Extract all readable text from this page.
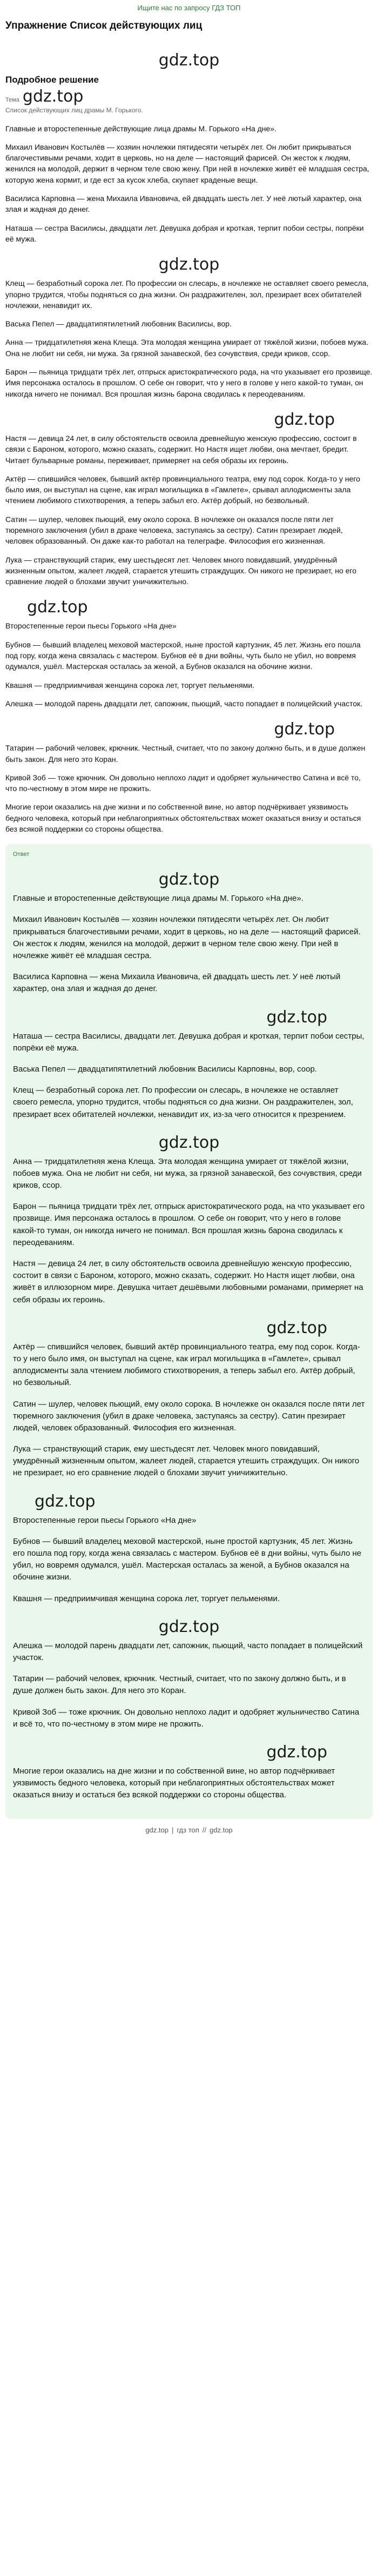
Ищите нас по запросу ГДЗ ТОП
Упражнение Список действующих лиц
gdz.top
Подробное решение
Тема gdz.top
Список действующих лиц драмы М. Горького.
Главные и второстепенные действующие лица драмы М. Горького «На дне».
Михаил Иванович Костылёв — хозяин ночлежки пятидесяти четырёх лет. Он любит прикрываться благочестивыми речами, ходит в церковь, но на деле — настоящий фарисей. Он жесток к людям, женился на молодой, держит в черном теле свою жену. При ней в ночлежке живёт её младшая сестра, которую жена кормит, и где ест за кусок хлеба, скупает краденые вещи.
Василиса Карповна — жена Михаила Ивановича, ей двадцать шесть лет. У неё лютый характер, она злая и жадная до денег.
Наташа — сестра Василисы, двадцати лет. Девушка добрая и кроткая, терпит побои сестры, попрёки её мужа.
gdz.top
Клещ — безработный сорока лет. По профессии он слесарь, в ночлежке не оставляет своего ремесла, упорно трудится, чтобы подняться со дна жизни. Он раздражителен, зол, презирает всех обитателей ночлежки, ненавидит их.
Васька Пепел — двадцатипятилетний любовник Василисы, вор.
Анна — тридцатилетняя жена Клеща. Эта молодая женщина умирает от тяжёлой жизни, побоев мужа. Она не любит ни себя, ни мужа. За грязной занавеской, без сочувствия, среди криков, ссор.
Барон — пьяница тридцати трёх лет, отпрыск аристократического рода, на что указывает его прозвище. Имя персонажа осталось в прошлом. О себе он говорит, что у него в голове у него какой-то туман, он никогда ничего не понимал. Вся прошлая жизнь барона сводилась к переодеваниям.
gdz.top
Настя — девица 24 лет, в силу обстоятельств освоила древнейшую женскую профессию, состоит в связи с Бароном, которого, можно сказать, содержит. Но Настя ищет любви, она мечтает, бредит. Читает бульварные романы, переживает, примеряет на себя образы их героинь.
Актёр — спившийся человек, бывший актёр провинциального театра, ему под сорок. Когда-то у него было имя, он выступал на сцене, как играл могильщика в «Гамлете», срывал аплодисменты зала чтением любимого стихотворения, а теперь забыл его. Актёр добрый, но безвольный.
Сатин — шулер, человек пьющий, ему около сорока. В ночлежке он оказался после пяти лет тюремного заключения (убил в драке человека, заступаясь за сестру). Сатин презирает людей, человек образованный. Он даже как-то работал на телеграфе. Философия его жизненная.
Лука — странствующий старик, ему шестьдесят лет. Человек много повидавший, умудрённый жизненным опытом, жалеет людей, старается утешить страждущих. Он никого не презирает, но его сравнение людей о блохами звучит уничижительно.
gdz.top
Второстепенные герои пьесы Горького «На дне»
Бубнов — бывший владелец меховой мастерской, ныне простой картузник, 45 лет. Жизнь его пошла под гору, когда жена связалась с мастером. Бубнов её в дни войны, чуть было не убил, но вовремя одумался, ушёл. Мастерская осталась за женой, а Бубнов оказался на обочине жизни.
Квашня — предприимчивая женщина сорока лет, торгует пельменями.
Алешка — молодой парень двадцати лет, сапожник, пьющий, часто попадает в полицейский участок.
gdz.top
Татарин — рабочий человек, крючник. Честный, считает, что по закону должно быть, и в душе должен быть закон. Для него это Коран.
Кривой Зоб — тоже крючник. Он довольно неплохо ладит и одобряет жульничество Сатина и всё то, что по-честному в этом мире не прожить.
Многие герои оказались на дне жизни и по собственной вине, но автор подчёркивает уязвимость бедного человека, который при неблагоприятных обстоятельствах может оказаться внизу и остаться без всякой поддержки со стороны общества.
Ответ
gdz.top
Главные и второстепенные действующие лица драмы М. Горького «На дне».
Михаил Иванович Костылёв — хозяин ночлежки пятидесяти четырёх лет. Он любит прикрываться благочестивыми речами, ходит в церковь, но на деле — настоящий фарисей. Он жесток к людям, женился на молодой, держит в черном теле свою жену. При ней в ночлежке живёт её младшая сестра.
Василиса Карповна — жена Михаила Ивановича, ей двадцать шесть лет. У неё лютый характер, она злая и жадная до денег.
gdz.top
Наташа — сестра Василисы, двадцати лет. Девушка добрая и кроткая, терпит побои сестры, попрёки её мужа.
Васька Пепел — двадцатипятилетний любовник Василисы Карповны, вор, соор.
Клещ — безработный сорока лет. По профессии он слесарь, в ночлежке не оставляет своего ремесла, упорно трудится, чтобы подняться со дна жизни. Он раздражителен, зол, презирает всех обитателей ночлежки, ненавидит их, из-за чего относится к презрением.
gdz.top
Анна — тридцатилетняя жена Клеща. Эта молодая женщина умирает от тяжёлой жизни, побоев мужа. Она не любит ни себя, ни мужа, за грязной занавеской, без сочувствия, среди криков, ссор.
Барон — пьяница тридцати трёх лет, отпрыск аристократического рода, на что указывает его прозвище. Имя персонажа осталось в прошлом. О себе он говорит, что у него в голове какой-то туман, он никогда ничего не понимал. Вся прошлая жизнь барона сводилась к переодеваниям.
Настя — девица 24 лет, в силу обстоятельств освоила древнейшую женскую профессию, состоит в связи с Бароном, которого, можно сказать, содержит. Но Настя ищет любви, она живёт в иллюзорном мире. Девушка читает дешёвыми любовными романами, примеряет на себя образы их героинь.
gdz.top
Актёр — спившийся человек, бывший актёр провинциального театра, ему под сорок. Когда-то у него было имя, он выступал на сцене, как играл могильщика в «Гамлете», срывал аплодисменты зала чтением любимого стихотворения, а теперь забыл его. Актёр добрый, но безвольный.
Сатин — шулер, человек пьющий, ему около сорока. В ночлежке он оказался после пяти лет тюремного заключения (убил в драке человека, заступаясь за сестру). Сатин презирает людей, человек образованный. Философия его жизненная.
Лука — странствующий старик, ему шестьдесят лет. Человек много повидавший, умудрённый жизненным опытом, жалеет людей, старается утешить страждущих. Он никого не презирает, но его сравнение людей о блохами звучит уничижительно.
gdz.top
Второстепенные герои пьесы Горького «На дне»
Бубнов — бывший владелец меховой мастерской, ныне простой картузник, 45 лет. Жизнь его пошла под гору, когда жена связалась с мастером. Бубнов её в дни войны, чуть было не убил, но вовремя одумался, ушёл. Мастерская осталась за женой, а Бубнов оказался на обочине жизни.
Квашня — предприимчивая женщина сорока лет, торгует пельменями.
gdz.top
Алешка — молодой парень двадцати лет, сапожник, пьющий, часто попадает в полицейский участок.
Татарин — рабочий человек, крючник. Честный, считает, что по закону должно быть, и в душе должен быть закон. Для него это Коран.
Кривой Зоб — тоже крючник. Он довольно неплохо ладит и одобряет жульничество Сатина и всё то, что по-честному в этом мире не прожить.
gdz.top
Многие герои оказались на дне жизни и по собственной вине, но автор подчёркивает уязвимость бедного человека, который при неблагоприятных обстоятельствах может оказаться внизу и остаться без всякой поддержки со стороны общества.
gdz.top | гдз топ // gdz.top
